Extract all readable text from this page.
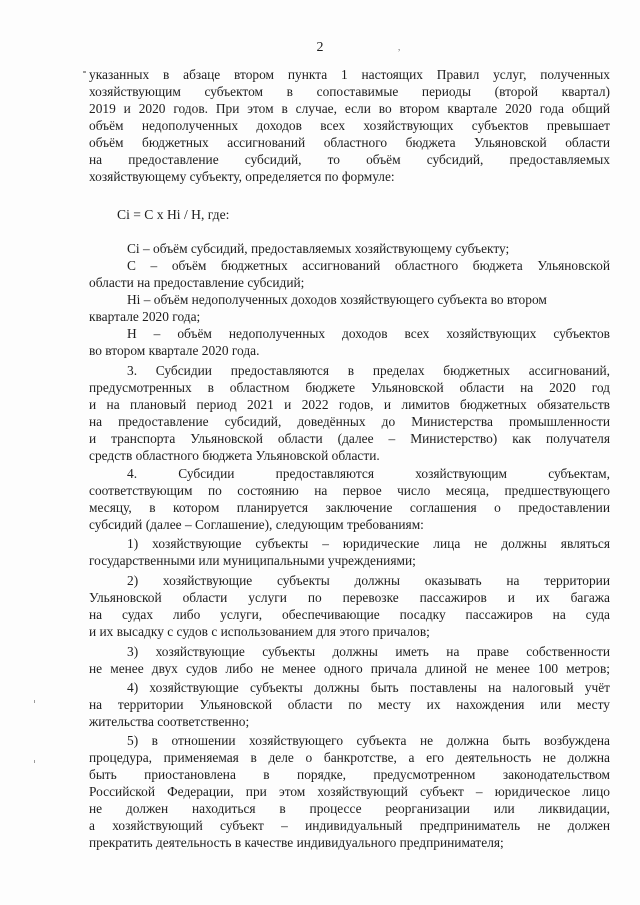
2	,
указанных в абзаце втором пункта 1 настоящих Правил услуг, полученных
хозяйствующим субъектом в сопоставимые периоды (второй квартал)
2019 и 2020 годов. При этом в случае, если во втором квартале 2020 года общий
объём недополученных доходов всех хозяйствующих субъектов превышает
объём бюджетных ассигнований областного бюджета Ульяновской области
на предоставление субсидий, то объём субсидий, предоставляемых
хозяйствующему субъекту, определяется по формуле:
Ci = C x Hi / H, где:
Ci – объём субсидий, предоставляемых хозяйствующему субъекту;
C – объём бюджетных ассигнований областного бюджета Ульяновской
области на предоставление субсидий;
Hi – объём недополученных доходов хозяйствующего субъекта во втором
квартале 2020 года;
H – объём недополученных доходов всех хозяйствующих субъектов
во втором квартале 2020 года.
3. Субсидии предоставляются в пределах бюджетных ассигнований,
предусмотренных в областном бюджете Ульяновской области на 2020 год
и на плановый период 2021 и 2022 годов, и лимитов бюджетных обязательств
на предоставление субсидий, доведённых до Министерства промышленности
и транспорта Ульяновской области (далее – Министерство) как получателя
средств областного бюджета Ульяновской области.
4. Субсидии предоставляются хозяйствующим субъектам,
соответствующим по состоянию на первое число месяца, предшествующего
месяцу, в котором планируется заключение соглашения о предоставлении
субсидий (далее – Соглашение), следующим требованиям:
1) хозяйствующие субъекты – юридические лица не должны являться
государственными или муниципальными учреждениями;
2) хозяйствующие субъекты должны оказывать на территории
Ульяновской области услуги по перевозке пассажиров и их багажа
на судах либо услуги, обеспечивающие посадку пассажиров на суда
и их высадку с судов с использованием для этого причалов;
3) хозяйствующие субъекты должны иметь на праве собственности
не менее двух судов либо не менее одного причала длиной не менее 100 метров;
4) хозяйствующие субъекты должны быть поставлены на налоговый учёт
на территории Ульяновской области по месту их нахождения или месту
жительства соответственно;
5) в отношении хозяйствующего субъекта не должна быть возбуждена
процедура, применяемая в деле о банкротстве, а его деятельность не должна
быть приостановлена в порядке, предусмотренном законодательством
Российской Федерации, при этом хозяйствующий субъект – юридическое лицо
не должен находиться в процессе реорганизации или ликвидации,
а хозяйствующий субъект – индивидуальный предприниматель не должен
прекратить деятельность в качестве индивидуального предпринимателя;
